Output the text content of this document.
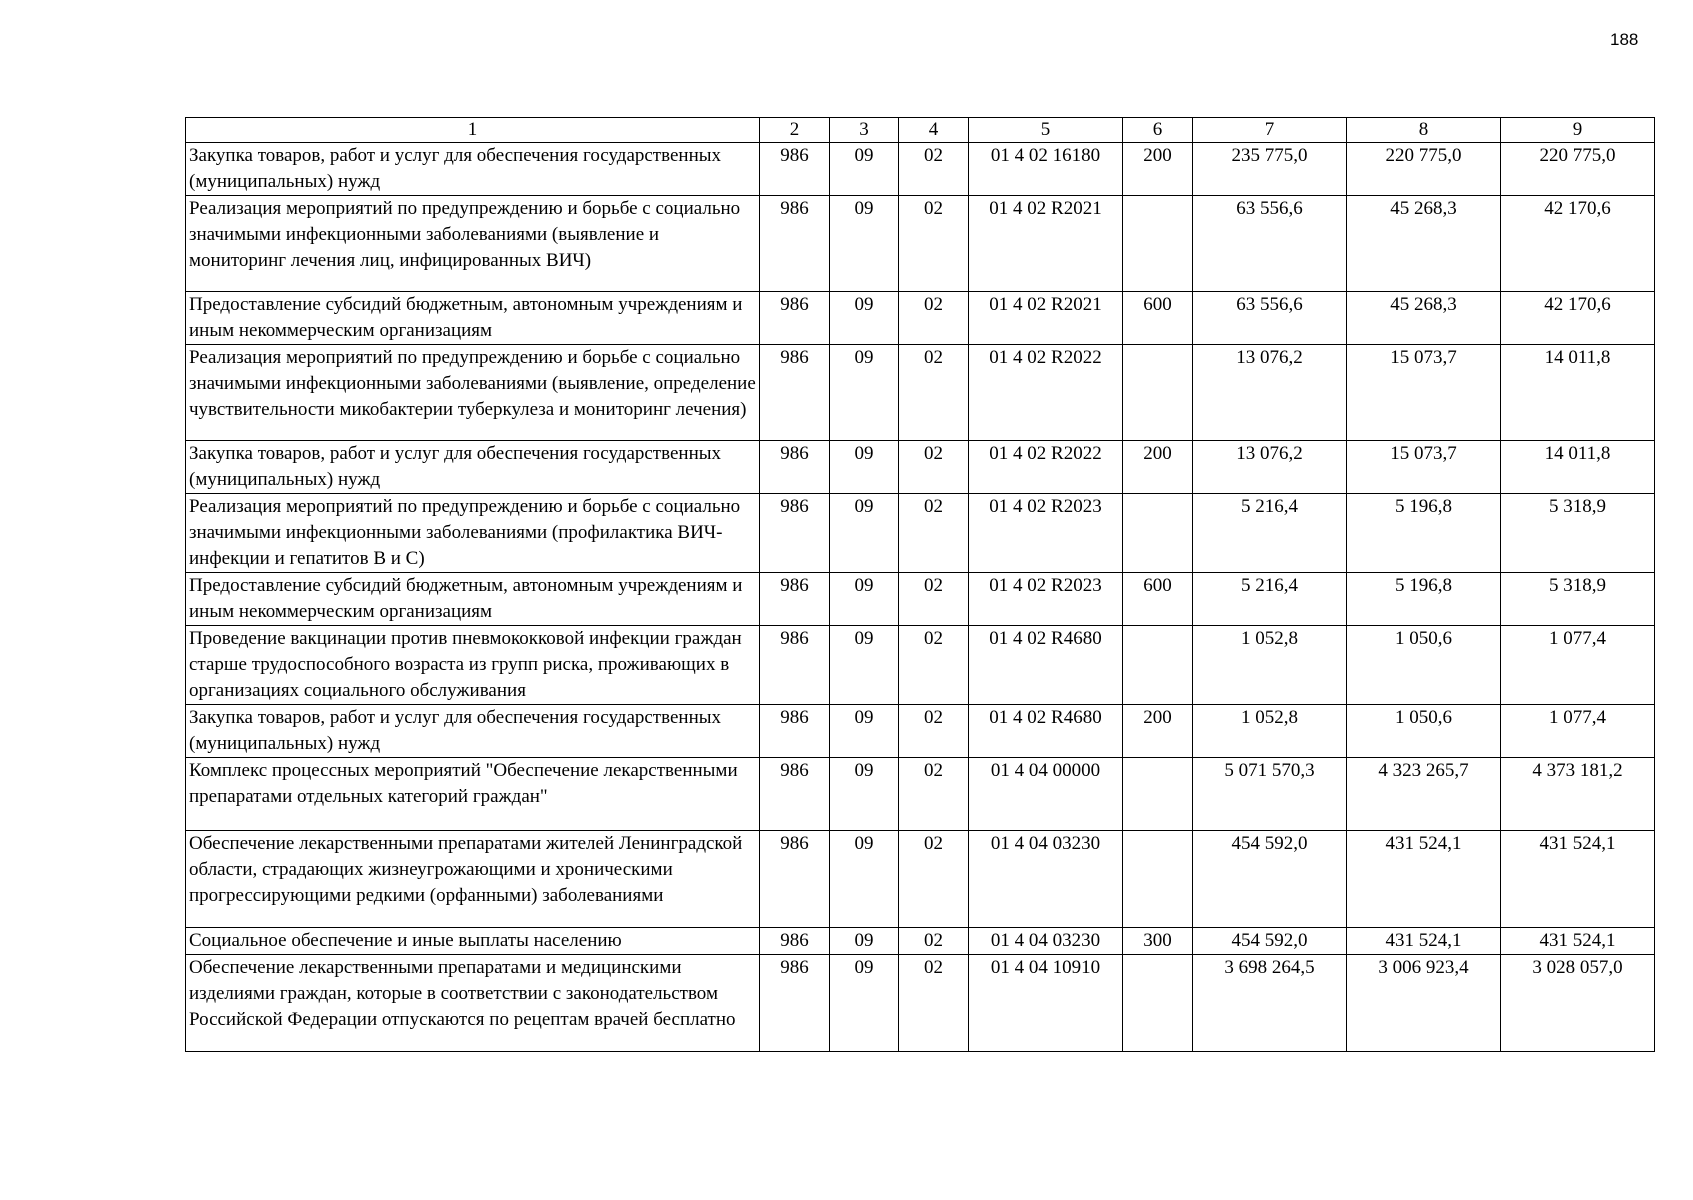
188
1	2	3	4	5	6	7	8	9
Закупка товаров, работ и услуг для обеспечения государственных (муниципальных) нужд	986	09	02	01 4 02 16180	200	235 775,0	220 775,0	220 775,0
Реализация мероприятий по предупреждению и борьбе с социально значимыми инфекционными заболеваниями (выявление и мониторинг лечения лиц, инфицированных ВИЧ)	986	09	02	01 4 02 R2021		63 556,6	45 268,3	42 170,6
Предоставление субсидий бюджетным, автономным учреждениям и иным некоммерческим организациям	986	09	02	01 4 02 R2021	600	63 556,6	45 268,3	42 170,6
Реализация мероприятий по предупреждению и борьбе с социально значимыми инфекционными заболеваниями (выявление, определение чувствительности микобактерии туберкулеза и мониторинг лечения)	986	09	02	01 4 02 R2022		13 076,2	15 073,7	14 011,8
Закупка товаров, работ и услуг для обеспечения государственных (муниципальных) нужд	986	09	02	01 4 02 R2022	200	13 076,2	15 073,7	14 011,8
Реализация мероприятий по предупреждению и борьбе с социально значимыми инфекционными заболеваниями (профилактика ВИЧ-инфекции и гепатитов В и С)	986	09	02	01 4 02 R2023		5 216,4	5 196,8	5 318,9
Предоставление субсидий бюджетным, автономным учреждениям и иным некоммерческим организациям	986	09	02	01 4 02 R2023	600	5 216,4	5 196,8	5 318,9
Проведение вакцинации против пневмококковой инфекции граждан старше трудоспособного возраста из групп риска, проживающих в организациях социального обслуживания	986	09	02	01 4 02 R4680		1 052,8	1 050,6	1 077,4
Закупка товаров, работ и услуг для обеспечения государственных (муниципальных) нужд	986	09	02	01 4 02 R4680	200	1 052,8	1 050,6	1 077,4
Комплекс процессных мероприятий "Обеспечение лекарственными препаратами отдельных категорий граждан"	986	09	02	01 4 04 00000		5 071 570,3	4 323 265,7	4 373 181,2
Обеспечение лекарственными препаратами жителей Ленинградской области, страдающих жизнеугрожающими и хроническими прогрессирующими редкими (орфанными) заболеваниями	986	09	02	01 4 04 03230		454 592,0	431 524,1	431 524,1
Социальное обеспечение и иные выплаты населению	986	09	02	01 4 04 03230	300	454 592,0	431 524,1	431 524,1
Обеспечение лекарственными препаратами и медицинскими изделиями граждан, которые в соответствии с законодательством Российской Федерации отпускаются по рецептам врачей бесплатно	986	09	02	01 4 04 10910		3 698 264,5	3 006 923,4	3 028 057,0
